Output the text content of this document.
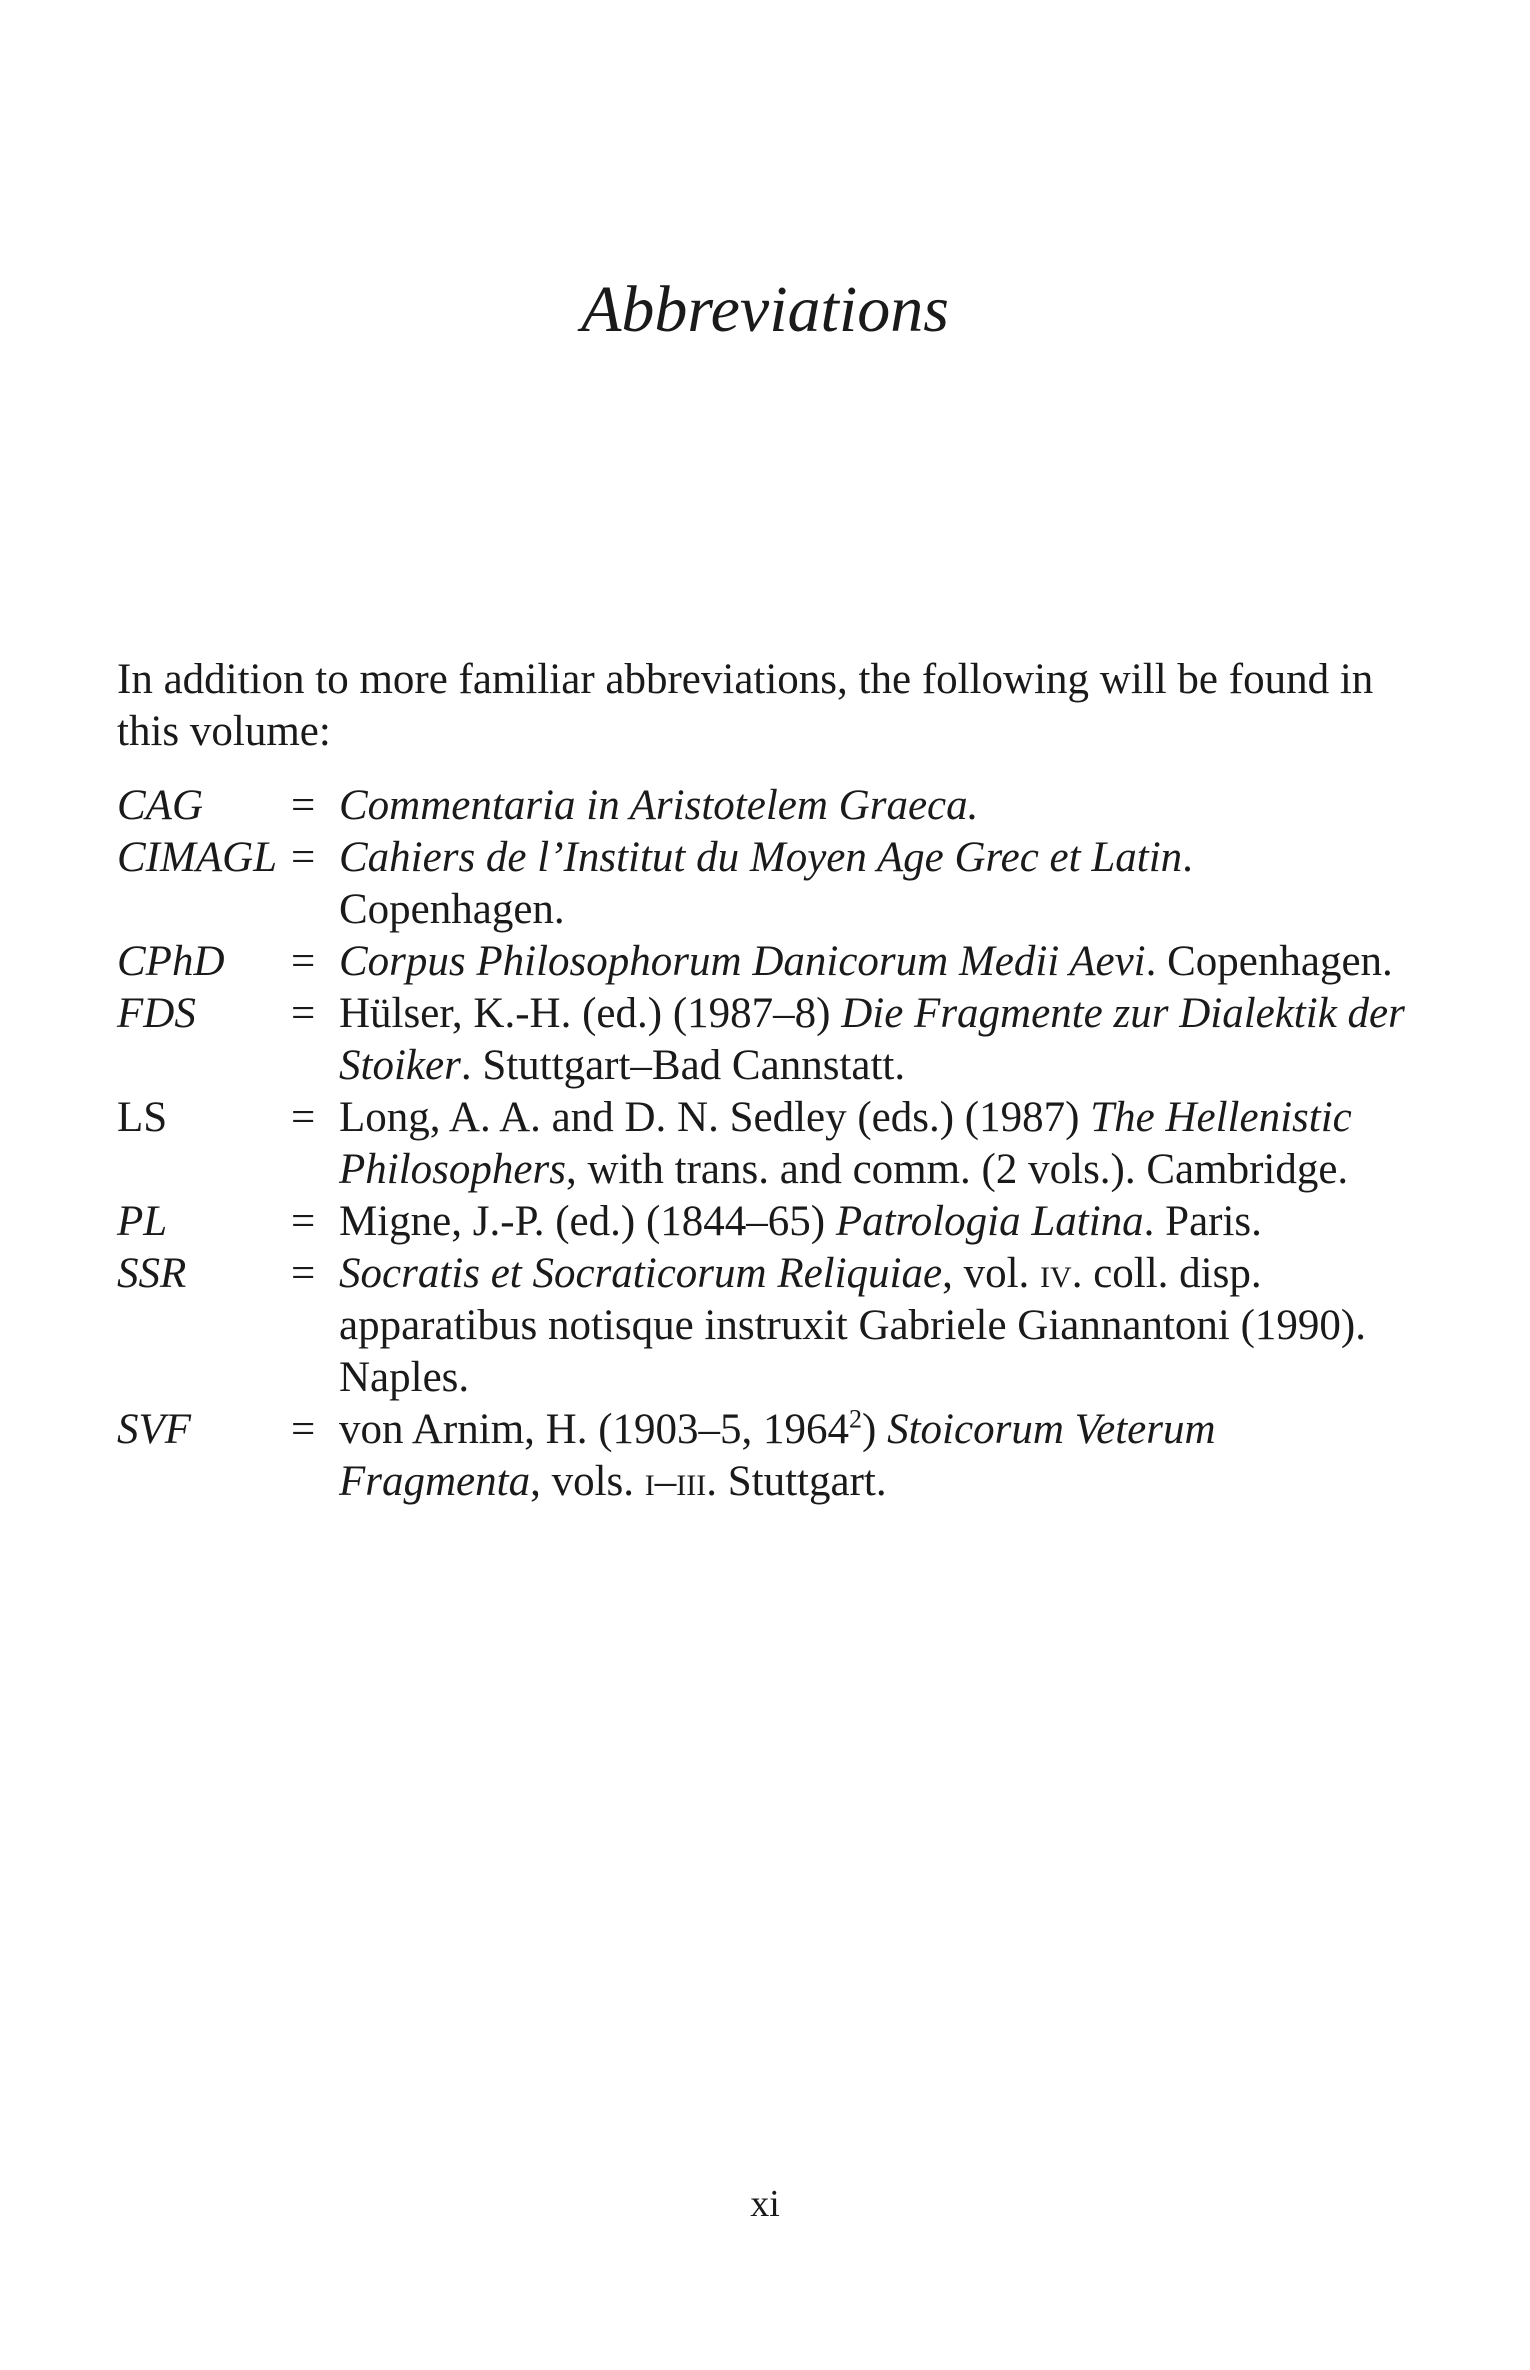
Abbreviations

In addition to more familiar abbreviations, the following will be found in this volume:

CAG = Commentaria in Aristotelem Graeca.
CIMAGL = Cahiers de l’Institut du Moyen Age Grec et Latin. Copenhagen.
CPhD = Corpus Philosophorum Danicorum Medii Aevi. Copenhagen.
FDS = Hülser, K.-H. (ed.) (1987–8) Die Fragmente zur Dialektik der Stoiker. Stuttgart–Bad Cannstatt.
LS	= Long, A. A. and D. N. Sedley (eds.) (1987) The Hellenistic Philosophers, with trans. and comm. (2 vols.). Cambridge.
PL	= Migne, J.-P. (ed.) (1844–65) Patrologia Latina. Paris.
SSR = Socratis et Socraticorum Reliquiae, vol. iv. coll. disp. apparatibus notisque instruxit Gabriele Giannantoni (1990). Naples.
SVF = von Arnim, H. (1903–5, 1964$^2$) Stoicorum Veterum Fragmenta, vols. i–iii. Stuttgart.
xi
